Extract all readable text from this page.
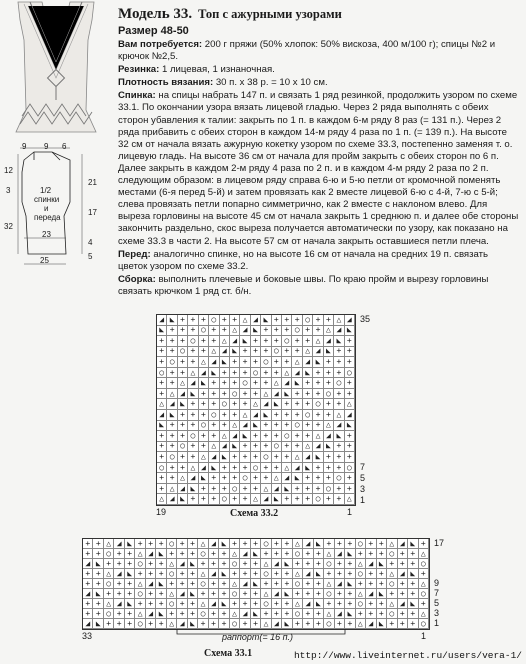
9 9 6
12
3
32
21
17
4
5
1/2
спинки
и
переда
23
25
Модель 33. Топ с ажурными узорами
Размер 48-50

Вам потребуется: 200 г пряжи (50% хлопок: 50% вискоза, 400 м/100 г); спицы №2 и крючок №2,5.

Резинка: 1 лицевая, 1 изнаночная.

Плотность вязания: 30 п. x 38 р. = 10 x 10 см.

Спинка: на спицы набрать 147 п. и связать 1 ряд резинкой, продолжить узором по схеме 33.1. По окончании узора вязать лицевой гладью. Через 2 ряда выполнять с обеих сторон убавления к талии: закрыть по 1 п. в каждом 6-м ряду 8 раз (= 131 п.). Через 2 ряда прибавить с обеих сторон в каждом 14-м ряду 4 раза по 1 п. (= 139 п.). На высоте 32 см от начала вязать ажурную кокетку узором по схеме 33.3, постепенно заменяя т. о. лицевую гладь. На высоте 36 см от начала для пройм закрыть с обеих сторон по 6 п. Далее закрыть в каждом 2-м ряду 4 раза по 2 п. и в каждом 4-м ряду 2 раза по 2 п. следующим образом: в лицевом ряду справа 6-ю и 5-ю петли от кромочной поменять местами (6-я перед 5-й) и затем провязать как 2 вместе лицевой 6-ю с 4-й, 7-ю с 5-й; слева провязать петли попарно симметрично, как 2 вместе с наклоном влево. Для выреза горловины на высоте 45 см от начала закрыть 1 среднюю п. и далее обе стороны закончить раздельно, скос выреза получается автоматически по узору, как показано на схеме 33.3 в части 2. На высоте 57 см от начала закрыть оставшиеся петли плеча.

Перед: аналогично спинке, но на высоте 16 см от начала на средних 19 п. связать цветок узором по схеме 33.2.

Сборка: выполнить плечевые и боковые швы. По краю пройм и вырезу горловины связать крючком 1 ряд ст. б/н.

◢ ◣ + + + ○ + + △ ◢ ◣ + + + ○ + + △ ◢
◣ + + + ○ + + △ ◢ ◣ + + + ○ + + △ ◢ ◣
+ + + ○ + + △ ◢ ◣ + + + ○ + + △ ◢ ◣ +
+ + ○ + + △ ◢ ◣ + + + ○ + + △ ◢ ◣ + +
+ ○ + + △ ◢ ◣ + + + ○ + + △ ◢ ◣ + + +
○ + + △ ◢ ◣ + + + ○ + + △ ◢ ◣ + + + ○
+ + △ ◢ ◣ + + + ○ + + △ ◢ ◣ + + + ○ +
+ △ ◢ ◣ + + + ○ + + △ ◢ ◣ + + + ○ + +
△ ◢ ◣ + + + ○ + + △ ◢ ◣ + + + ○ + + △
◢ ◣ + + + ○ + + △ ◢ ◣ + + + ○ + + △ ◢
◣ + + + ○ + + △ ◢ ◣ + + + ○ + + △ ◢ ◣
+ + + ○ + + △ ◢ ◣ + + + ○ + + △ ◢ ◣ +
+ + ○ + + △ ◢ ◣ + + + ○ + + △ ◢ ◣ + +
+ ○ + + △ ◢ ◣ + + + ○ + + △ ◢ ◣ + + +
○ + + △ ◢ ◣ + + + ○ + + △ ◢ ◣ + + + ○
+ + △ ◢ ◣ + + + ○ + + △ ◢ ◣ + + + ○ +
+ △ ◢ ◣ + + + ○ + + △ ◢ ◣ + + + ○ + +
△ ◢ ◣ + + + ○ + + △ ◢ ◣ + + + ○ + + △
35
7
5
3
1
19	1
Схема 33.2
+ + △ ◢ ◣ + + + ○ + + △ ◢ ◣ + + + ○ + + △ ◢ ◣ + + + ○ + + △ ◢ ◣ +
+ + ○ + + △ ◢ ◣ + + + ○ + + △ ◢ ◣ + + + ○ + + △ ◢ ◣ + + + ○ + + △
◢ ◣ + + + ○ + + △ ◢ ◣ + + + ○ + + △ ◢ ◣ + + + ○ + + △ ◢ ◣ + + + ○
+ + △ ◢ ◣ + + + ○ + + △ ◢ ◣ + + + ○ + + △ ◢ ◣ + + + ○ + + △ ◢ ◣ +
+ + ○ + + △ ◢ ◣ + + + ○ + + △ ◢ ◣ + + + ○ + + △ ◢ ◣ + + + ○ + + △
◢ ◣ + + + ○ + + △ ◢ ◣ + + + ○ + + △ ◢ ◣ + + + ○ + + △ ◢ ◣ + + + ○
+ + △ ◢ ◣ + + + ○ + + △ ◢ ◣ + + + ○ + + △ ◢ ◣ + + + ○ + + △ ◢ ◣ +
+ + ○ + + △ ◢ ◣ + + + ○ + + △ ◢ ◣ + + + ○ + + △ ◢ ◣ + + + ○ + + △
◢ ◣ + + + ○ + + △ ◢ ◣ + + + ○ + + △ ◢ ◣ + + + ○ + + △ ◢ ◣ + + + ○
17
9
7
5
3
1
33	1
раппорт(= 16 п.)
Схема 33.1	http://www.liveinternet.ru/users/vera-1/
